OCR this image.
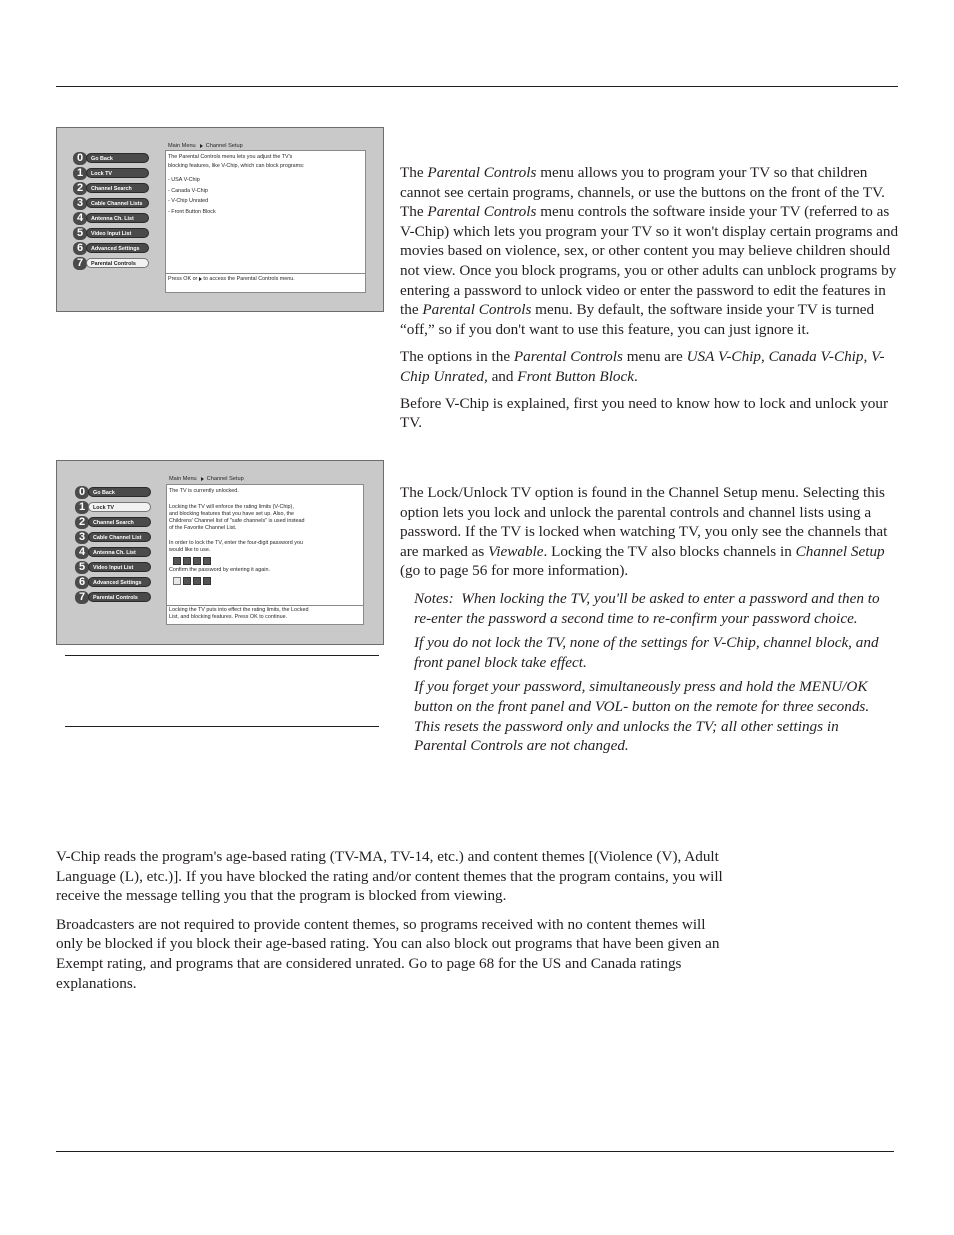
0	Go Back
1	Lock TV
2	Channel Search
3	Cable Channel Lists
4	Antenna Ch. List
5	Video Input List
6	Advanced Settings
7	Parental Controls
Main Menu Channel Setup
The Parental Controls menu lets you adjust the TV's
blocking features, like V-Chip, which can block programs:
- USA V-Chip
- Canada V-Chip
- V-Chip Unrated
- Front Button Block
Press OK or to access the Parental Controls menu.

The Parental Controls menu allows you to program your TV so that children cannot see certain programs, channels, or use the buttons on the front of the TV. The Parental Controls menu controls the software inside your TV (referred to as V-Chip) which lets you program your TV so it won't display certain programs and movies based on violence, sex, or other content you may believe children should not view. Once you block programs, you or other adults can unblock programs by entering a password to unlock video or enter the password to edit the features in the Parental Controls menu. By default, the software inside your TV is turned “off,” so if you don't want to use this feature, you can just ignore it.

The options in the Parental Controls menu are USA V-Chip, Canada V-Chip, V-Chip Unrated, and Front Button Block.

Before V-Chip is explained, first you need to know how to lock and unlock your TV.

0	Go Back
1	Lock TV
2	Channel Search
3	Cable Channel List
4	Antenna Ch. List
5	Video Input List
6	Advanced Settings
7	Parental Controls
Main Menu Channel Setup
The TV is currently unlocked.
Locking the TV will enforce the rating limits (V-Chip),
and blocking features that you have set up. Also, the
Childrens' Channel list of "safe channels" is used instead
of the Favorite Channel List.
In order to lock the TV, enter the four-digit password you
would like to use.
Confirm the password by entering it again.
Locking the TV puts into effect the rating limits, the Locked
List, and blocking features. Press OK to continue.

The Lock/Unlock TV option is found in the Channel Setup menu. Selecting this option lets you lock and unlock the parental controls and channel lists using a password. If the TV is locked when watching TV, you only see the channels that are marked as Viewable. Locking the TV also blocks channels in Channel Setup (go to page 56 for more information).

Notes: When locking the TV, you'll be asked to enter a password and then to re-enter the password a second time to re-confirm your password choice.

If you do not lock the TV, none of the settings for V-Chip, channel block, and front panel block take effect.

If you forget your password, simultaneously press and hold the MENU/OK button on the front panel and VOL- button on the remote for three seconds. This resets the password only and unlocks the TV; all other settings in Parental Controls are not changed.

V-Chip reads the program's age-based rating (TV-MA, TV-14, etc.) and content themes [(Violence (V), Adult Language (L), etc.)]. If you have blocked the rating and/or content themes that the program contains, you will receive the message telling you that the program is blocked from viewing.

Broadcasters are not required to provide content themes, so programs received with no content themes will only be blocked if you block their age-based rating. You can also block out programs that have been given an Exempt rating, and programs that are considered unrated. Go to page 68 for the US and Canada ratings explanations.
